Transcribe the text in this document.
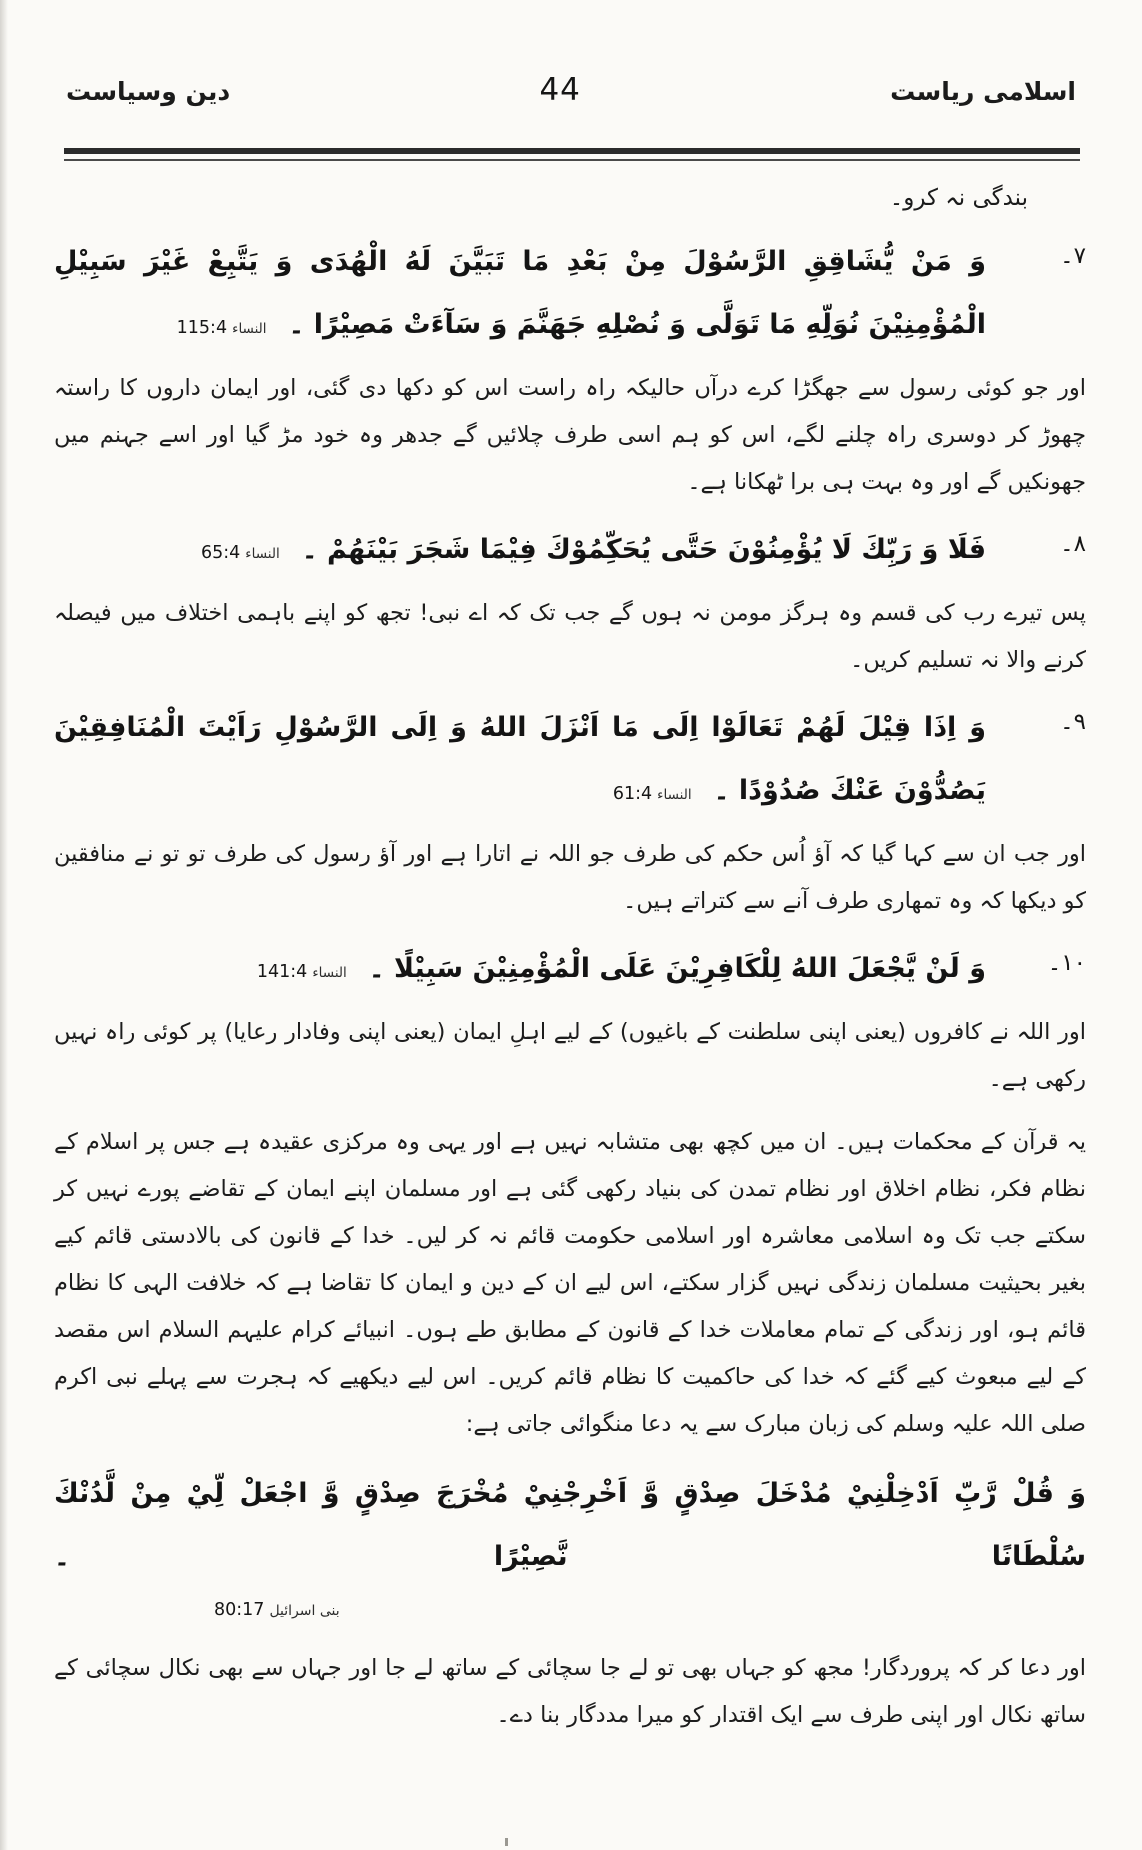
اسلامی ریاست
44
دین وسیاست

بندگی نہ کرو۔

۷۔

وَ مَنْ يُّشَاقِقِ الرَّسُوْلَ مِنْ بَعْدِ مَا تَبَيَّنَ لَهُ الْهُدَى وَ يَتَّبِعْ غَيْرَ سَبِيْلِ الْمُؤْمِنِيْنَ نُوَلِّهِ مَا تَوَلَّى وَ نُصْلِهِ جَهَنَّمَ وَ سَآءَتْ مَصِيْرًا ۔النساء115:4

اور جو کوئی رسول سے جھگڑا کرے درآں حالیکہ راہ راست اس کو دکھا دی گئی، اور ایمان داروں کا راستہ چھوڑ کر دوسری راہ چلنے لگے، اس کو ہم اسی طرف چلائیں گے جدھر وہ خود مڑ گیا اور اسے جہنم میں جھونکیں گے اور وہ بہت ہی برا ٹھکانا ہے۔

۸۔

فَلَا وَ رَبِّكَ لَا يُؤْمِنُوْنَ حَتَّى يُحَكِّمُوْكَ فِيْمَا شَجَرَ بَيْنَهُمْ ۔النساء65:4

پس تیرے رب کی قسم وہ ہرگز مومن نہ ہوں گے جب تک کہ اے نبی! تجھ کو اپنے باہمی اختلاف میں فیصلہ کرنے والا نہ تسلیم کریں۔

۹۔

وَ اِذَا قِيْلَ لَهُمْ تَعَالَوْا اِلَى مَا اَنْزَلَ اللهُ وَ اِلَى الرَّسُوْلِ رَاَيْتَ الْمُنَافِقِيْنَ يَصُدُّوْنَ عَنْكَ صُدُوْدًا ۔النساء61:4

اور جب ان سے کہا گیا کہ آؤ اُس حکم کی طرف جو اللہ نے اتارا ہے اور آؤ رسول کی طرف تو تو نے منافقین کو دیکھا کہ وہ تمھاری طرف آنے سے کتراتے ہیں۔

۱۰۔

وَ لَنْ يَّجْعَلَ اللهُ لِلْكَافِرِيْنَ عَلَى الْمُؤْمِنِيْنَ سَبِيْلًا ۔النساء141:4

اور اللہ نے کافروں (یعنی اپنی سلطنت کے باغیوں) کے لیے اہلِ ایمان (یعنی اپنی وفادار رعایا) پر کوئی راہ نہیں رکھی ہے۔

یہ قرآن کے محکمات ہیں۔ ان میں کچھ بھی متشابہ نہیں ہے اور یہی وہ مرکزی عقیدہ ہے جس پر اسلام کے نظام فکر، نظام اخلاق اور نظام تمدن کی بنیاد رکھی گئی ہے اور مسلمان اپنے ایمان کے تقاضے پورے نہیں کر سکتے جب تک وہ اسلامی معاشرہ اور اسلامی حکومت قائم نہ کر لیں۔ خدا کے قانون کی بالادستی قائم کیے بغیر بحیثیت مسلمان زندگی نہیں گزار سکتے، اس لیے ان کے دین و ایمان کا تقاضا ہے کہ خلافت الہی کا نظام قائم ہو، اور زندگی کے تمام معاملات خدا کے قانون کے مطابق طے ہوں۔ انبیائے کرام علیہم السلام اس مقصد کے لیے مبعوث کیے گئے کہ خدا کی حاکمیت کا نظام قائم کریں۔ اس لیے دیکھیے کہ ہجرت سے پہلے نبی اکرم صلی اللہ علیہ وسلم کی زبان مبارک سے یہ دعا منگوائی جاتی ہے:

وَ قُلْ رَّبِّ اَدْخِلْنِيْ مُدْخَلَ صِدْقٍ وَّ اَخْرِجْنِيْ مُخْرَجَ صِدْقٍ وَّ اجْعَلْ لِّيْ مِنْ لَّدُنْكَ سُلْطَانًا نَّصِيْرًا ۔

بنی اسرائیل80:17

اور دعا کر کہ پروردگار! مجھ کو جہاں بھی تو لے جا سچائی کے ساتھ لے جا اور جہاں سے بھی نکال سچائی کے ساتھ نکال اور اپنی طرف سے ایک اقتدار کو میرا مددگار بنا دے۔
